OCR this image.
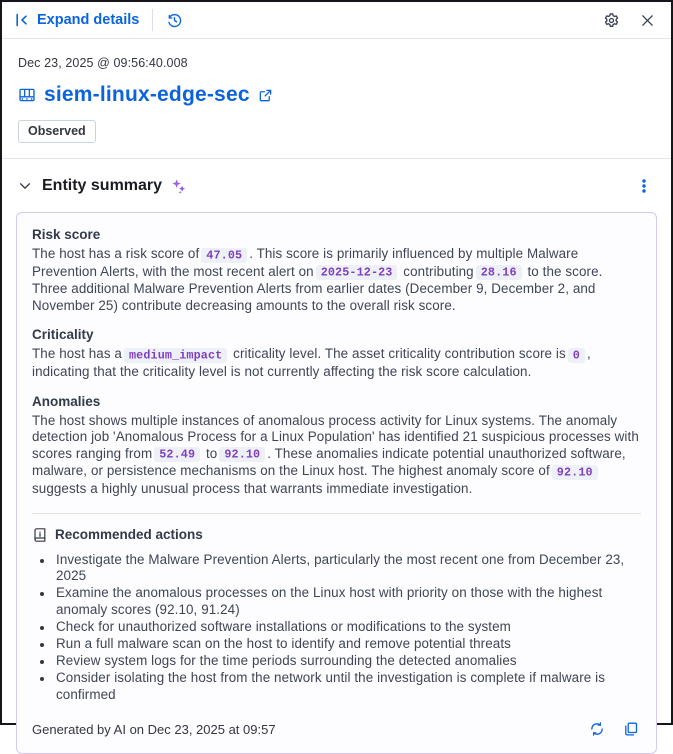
Expand details
Dec 23, 2025 @ 09:56:40.008
siem-linux-edge-sec
Observed
Entity summary
Risk score

The host has a risk score of 47.05 . This score is primarily influenced by multiple Malware Prevention Alerts, with the most recent alert on 2025-12-23 contributing 28.16 to the score. Three additional Malware Prevention Alerts from earlier dates (December 9, December 2, and November 25) contribute decreasing amounts to the overall risk score.

Criticality

The host has a medium_impact criticality level. The asset criticality contribution score is 0 , indicating that the criticality level is not currently affecting the risk score calculation.

Anomalies

The host shows multiple instances of anomalous process activity for Linux systems. The anomaly detection job 'Anomalous Process for a Linux Population' has identified 21 suspicious processes with scores ranging from 52.49 to 92.10 . These anomalies indicate potential unauthorized software, malware, or persistence mechanisms on the Linux host. The highest anomaly score of 92.10 suggests a highly unusual process that warrants immediate investigation.

Recommended actions
• Investigate the Malware Prevention Alerts, particularly the most recent one from December 23, 2025
• Examine the anomalous processes on the Linux host with priority on those with the highest anomaly scores (92.10, 91.24)
• Check for unauthorized software installations or modifications to the system
• Run a full malware scan on the host to identify and remove potential threats
• Review system logs for the time periods surrounding the detected anomalies
• Consider isolating the host from the network until the investigation is complete if malware is confirmed
Generated by AI on Dec 23, 2025 at 09:57
